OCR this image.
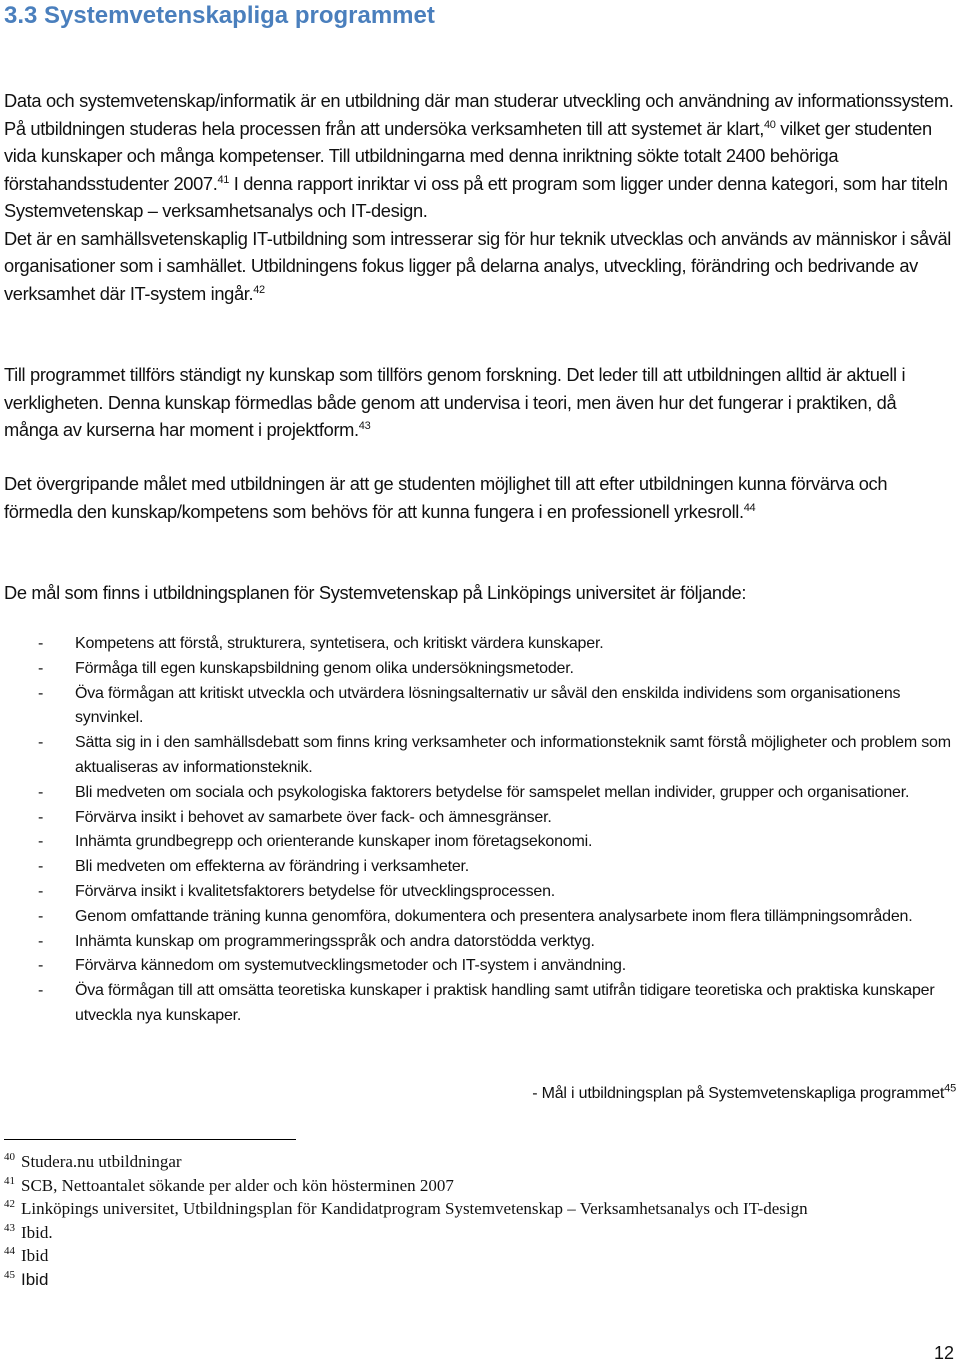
3.3 Systemvetenskapliga programmet

Data och systemvetenskap/informatik är en utbildning där man studerar utveckling och användning av informationssystem. På utbildningen studeras hela processen från att undersöka verksamheten till att systemet är klart,$^{40}$ vilket ger studenten vida kunskaper och många kompetenser. Till utbildningarna med denna inriktning sökte totalt 2400 behöriga förstahandsstudenter 2007.41 I denna rapport inriktar vi oss på ett program som ligger under denna kategori, som har titeln Systemvetenskap – verksamhetsanalys och IT-design.
Det är en samhällsvetenskaplig IT-utbildning som intresserar sig för hur teknik utvecklas och används av människor i såväl organisationer som i samhället. Utbildningens fokus ligger på delarna analys, utveckling, förändring och bedrivande av verksamhet där IT-system ingår.$^{42}$

Till programmet tillförs ständigt ny kunskap som tillförs genom forskning. Det leder till att utbildningen alltid är aktuell i verkligheten. Denna kunskap förmedlas både genom att undervisa i teori, men även hur det fungerar i praktiken, då många av kurserna har moment i projektform.$^{43}$

Det övergripande målet med utbildningen är att ge studenten möjlighet till att efter utbildningen kunna förvärva och förmedla den kunskap/kompetens som behövs för att kunna fungera i en professionell yrkesroll.$^{44}$

De mål som finns i utbildningsplanen för Systemvetenskap på Linköpings universitet är följande:

- Kompetens att förstå, strukturera, syntetisera, och kritiskt värdera kunskaper.
- Förmåga till egen kunskapsbildning genom olika undersökningsmetoder.
- Öva förmågan att kritiskt utveckla och utvärdera lösningsalternativ ur såväl den enskilda individens som organisationens synvinkel.
- Sätta sig in i den samhällsdebatt som finns kring verksamheter och informationsteknik samt förstå möjligheter och problem som aktualiseras av informationsteknik.
- Bli medveten om sociala och psykologiska faktorers betydelse för samspelet mellan individer, grupper och organisationer.
- Förvärva insikt i behovet av samarbete över fack- och ämnesgränser.
- Inhämta grundbegrepp och orienterande kunskaper inom företagsekonomi.
- Bli medveten om effekterna av förändring i verksamheter.
- Förvärva insikt i kvalitetsfaktorers betydelse för utvecklingsprocessen.
- Genom omfattande träning kunna genomföra, dokumentera och presentera analysarbete inom flera tillämpningsområden.
- Inhämta kunskap om programmeringsspråk och andra datorstödda verktyg.
- Förvärva kännedom om systemutvecklingsmetoder och IT-system i användning.
- Öva förmågan till att omsätta teoretiska kunskaper i praktisk handling samt utifrån tidigare teoretiska och praktiska kunskaper utveckla nya kunskaper.
- Mål i utbildningsplan på Systemvetenskapliga programmet$^{45}$
$^{40}$ Studera.nu utbildningar
$^{41}$ SCB, Nettoantalet sökande per alder och kön hösterminen 2007
$^{42}$ Linköpings universitet, Utbildningsplan för Kandidatprogram Systemvetenskap – Verksamhetsanalys och IT-design
$^{43}$ Ibid.
$^{44}$ Ibid
$^{45}$ Ibid
12
